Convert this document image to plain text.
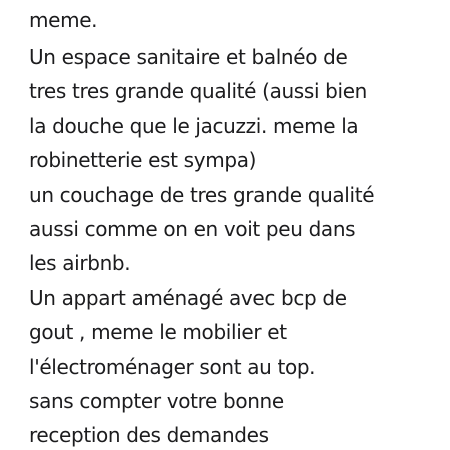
meme.
Un espace sanitaire et balnéo de
tres tres grande qualité (aussi bien
la douche que le jacuzzi. meme la
robinetterie est sympa)
un couchage de tres grande qualité
aussi comme on en voit peu dans
les airbnb.
Un appart aménagé avec bcp de
gout , meme le mobilier et
l'électroménager sont au top.
sans compter votre bonne
reception des demandes
